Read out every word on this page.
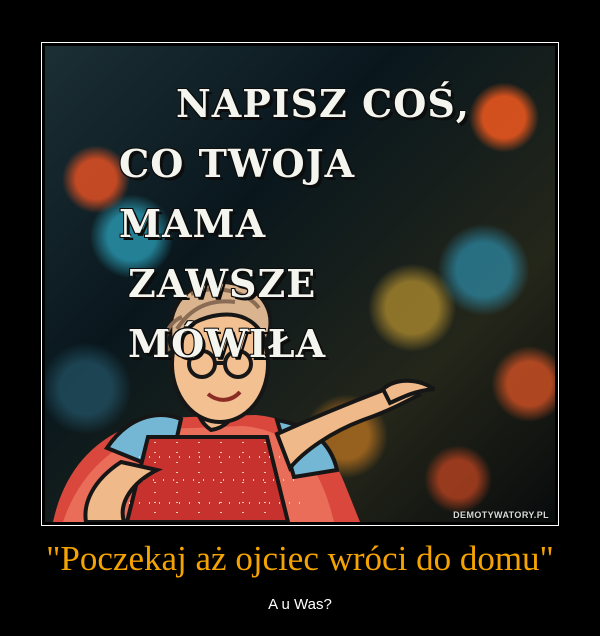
NAPISZ COŚ,
CO TWOJA MAMA
ZAWSZE MÓWIŁA
DEMOTYWATORY.PL
"Poczekaj aż ojciec wróci do domu"
A u Was?
